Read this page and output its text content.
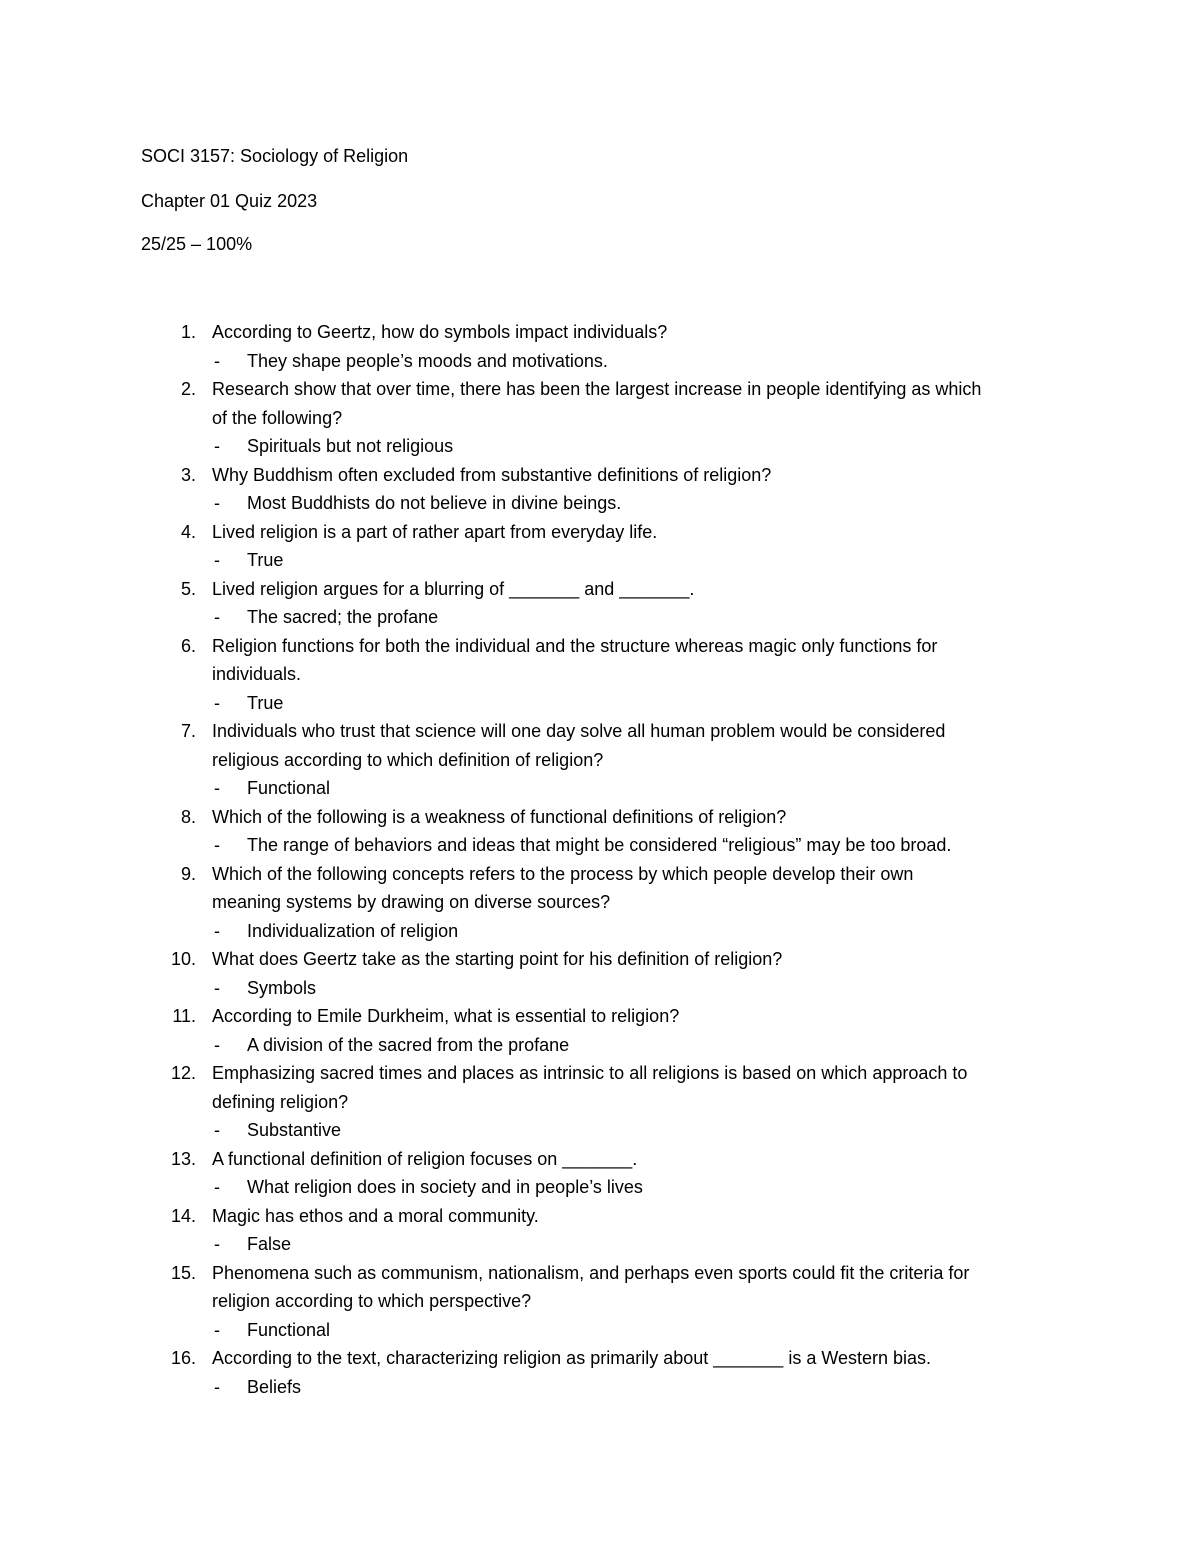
SOCI 3157: Sociology of Religion
Chapter 01 Quiz 2023
25/25 – 100%
1. According to Geertz, how do symbols impact individuals?
- They shape people’s moods and motivations.
2. Research show that over time, there has been the largest increase in people identifying as which
of the following?
- Spirituals but not religious
3. Why Buddhism often excluded from substantive definitions of religion?
- Most Buddhists do not believe in divine beings.
4. Lived religion is a part of rather apart from everyday life.
- True
5. Lived religion argues for a blurring of _______ and _______.
- The sacred; the profane
6. Religion functions for both the individual and the structure whereas magic only functions for
individuals.
- True
7. Individuals who trust that science will one day solve all human problem would be considered
religious according to which definition of religion?
- Functional
8. Which of the following is a weakness of functional definitions of religion?
- The range of behaviors and ideas that might be considered “religious” may be too broad.
9. Which of the following concepts refers to the process by which people develop their own
meaning systems by drawing on diverse sources?
- Individualization of religion
10. What does Geertz take as the starting point for his definition of religion?
- Symbols
11. According to Emile Durkheim, what is essential to religion?
- A division of the sacred from the profane
12. Emphasizing sacred times and places as intrinsic to all religions is based on which approach to
defining religion?
- Substantive
13. A functional definition of religion focuses on _______.
- What religion does in society and in people’s lives
14. Magic has ethos and a moral community.
- False
15. Phenomena such as communism, nationalism, and perhaps even sports could fit the criteria for
religion according to which perspective?
- Functional
16. According to the text, characterizing religion as primarily about _______ is a Western bias.
- Beliefs
